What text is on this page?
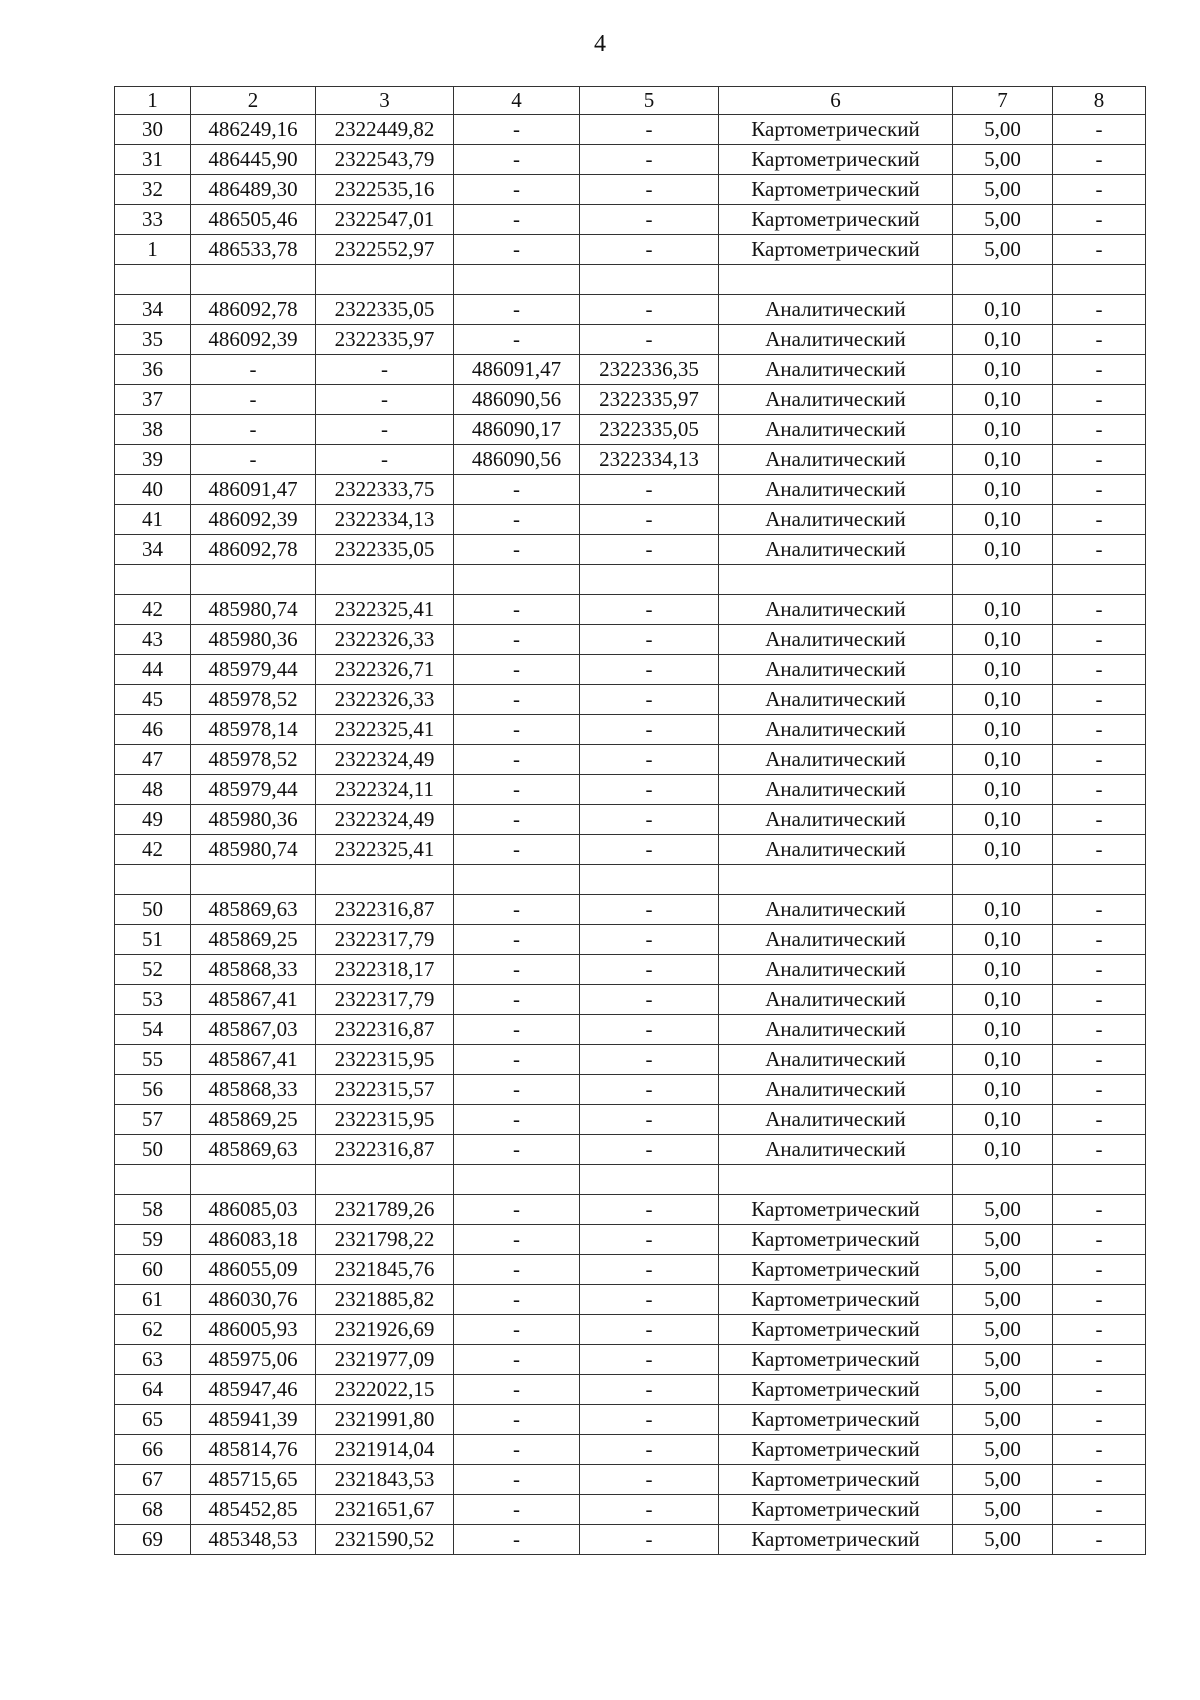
4
1	2	3	4	5	6	7	8
30	486249,16	2322449,82	-	-	Картометрический	5,00	-
31	486445,90	2322543,79	-	-	Картометрический	5,00	-
32	486489,30	2322535,16	-	-	Картометрический	5,00	-
33	486505,46	2322547,01	-	-	Картометрический	5,00	-
1	486533,78	2322552,97	-	-	Картометрический	5,00	-

34	486092,78	2322335,05	-	-	Аналитический	0,10	-
35	486092,39	2322335,97	-	-	Аналитический	0,10	-
36	-	-	486091,47	2322336,35	Аналитический	0,10	-
37	-	-	486090,56	2322335,97	Аналитический	0,10	-
38	-	-	486090,17	2322335,05	Аналитический	0,10	-
39	-	-	486090,56	2322334,13	Аналитический	0,10	-
40	486091,47	2322333,75	-	-	Аналитический	0,10	-
41	486092,39	2322334,13	-	-	Аналитический	0,10	-
34	486092,78	2322335,05	-	-	Аналитический	0,10	-

42	485980,74	2322325,41	-	-	Аналитический	0,10	-
43	485980,36	2322326,33	-	-	Аналитический	0,10	-
44	485979,44	2322326,71	-	-	Аналитический	0,10	-
45	485978,52	2322326,33	-	-	Аналитический	0,10	-
46	485978,14	2322325,41	-	-	Аналитический	0,10	-
47	485978,52	2322324,49	-	-	Аналитический	0,10	-
48	485979,44	2322324,11	-	-	Аналитический	0,10	-
49	485980,36	2322324,49	-	-	Аналитический	0,10	-
42	485980,74	2322325,41	-	-	Аналитический	0,10	-

50	485869,63	2322316,87	-	-	Аналитический	0,10	-
51	485869,25	2322317,79	-	-	Аналитический	0,10	-
52	485868,33	2322318,17	-	-	Аналитический	0,10	-
53	485867,41	2322317,79	-	-	Аналитический	0,10	-
54	485867,03	2322316,87	-	-	Аналитический	0,10	-
55	485867,41	2322315,95	-	-	Аналитический	0,10	-
56	485868,33	2322315,57	-	-	Аналитический	0,10	-
57	485869,25	2322315,95	-	-	Аналитический	0,10	-
50	485869,63	2322316,87	-	-	Аналитический	0,10	-

58	486085,03	2321789,26	-	-	Картометрический	5,00	-
59	486083,18	2321798,22	-	-	Картометрический	5,00	-
60	486055,09	2321845,76	-	-	Картометрический	5,00	-
61	486030,76	2321885,82	-	-	Картометрический	5,00	-
62	486005,93	2321926,69	-	-	Картометрический	5,00	-
63	485975,06	2321977,09	-	-	Картометрический	5,00	-
64	485947,46	2322022,15	-	-	Картометрический	5,00	-
65	485941,39	2321991,80	-	-	Картометрический	5,00	-
66	485814,76	2321914,04	-	-	Картометрический	5,00	-
67	485715,65	2321843,53	-	-	Картометрический	5,00	-
68	485452,85	2321651,67	-	-	Картометрический	5,00	-
69	485348,53	2321590,52	-	-	Картометрический	5,00	-
